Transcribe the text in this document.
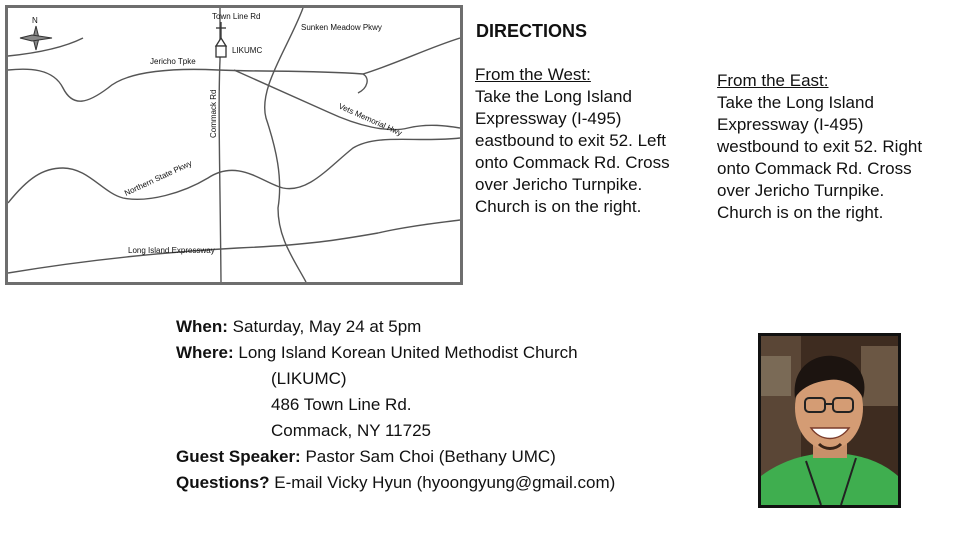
N
LIKUMC
Town Line Rd
Sunken Meadow Pkwy
Jericho Tpke
Vets Memorial Hwy
Commack Rd
Northern State Pkwy
Long Island Expressway
DIRECTIONS
From the West:
Take the Long Island
Expressway (I-495)
eastbound to exit 52. Left
onto Commack Rd. Cross
over Jericho Turnpike.
Church is on the right.
From the East:
Take the Long Island
Expressway (I-495)
westbound to exit 52. Right
onto Commack Rd. Cross
over Jericho Turnpike.
Church is on the right.
When: Saturday, May 24 at 5pm
Where: Long Island Korean United Methodist Church
(LIKUMC)
486 Town Line Rd.
Commack, NY 11725
Guest Speaker: Pastor Sam Choi (Bethany UMC)
Questions? E-mail Vicky Hyun (hyoongyung@gmail.com)
